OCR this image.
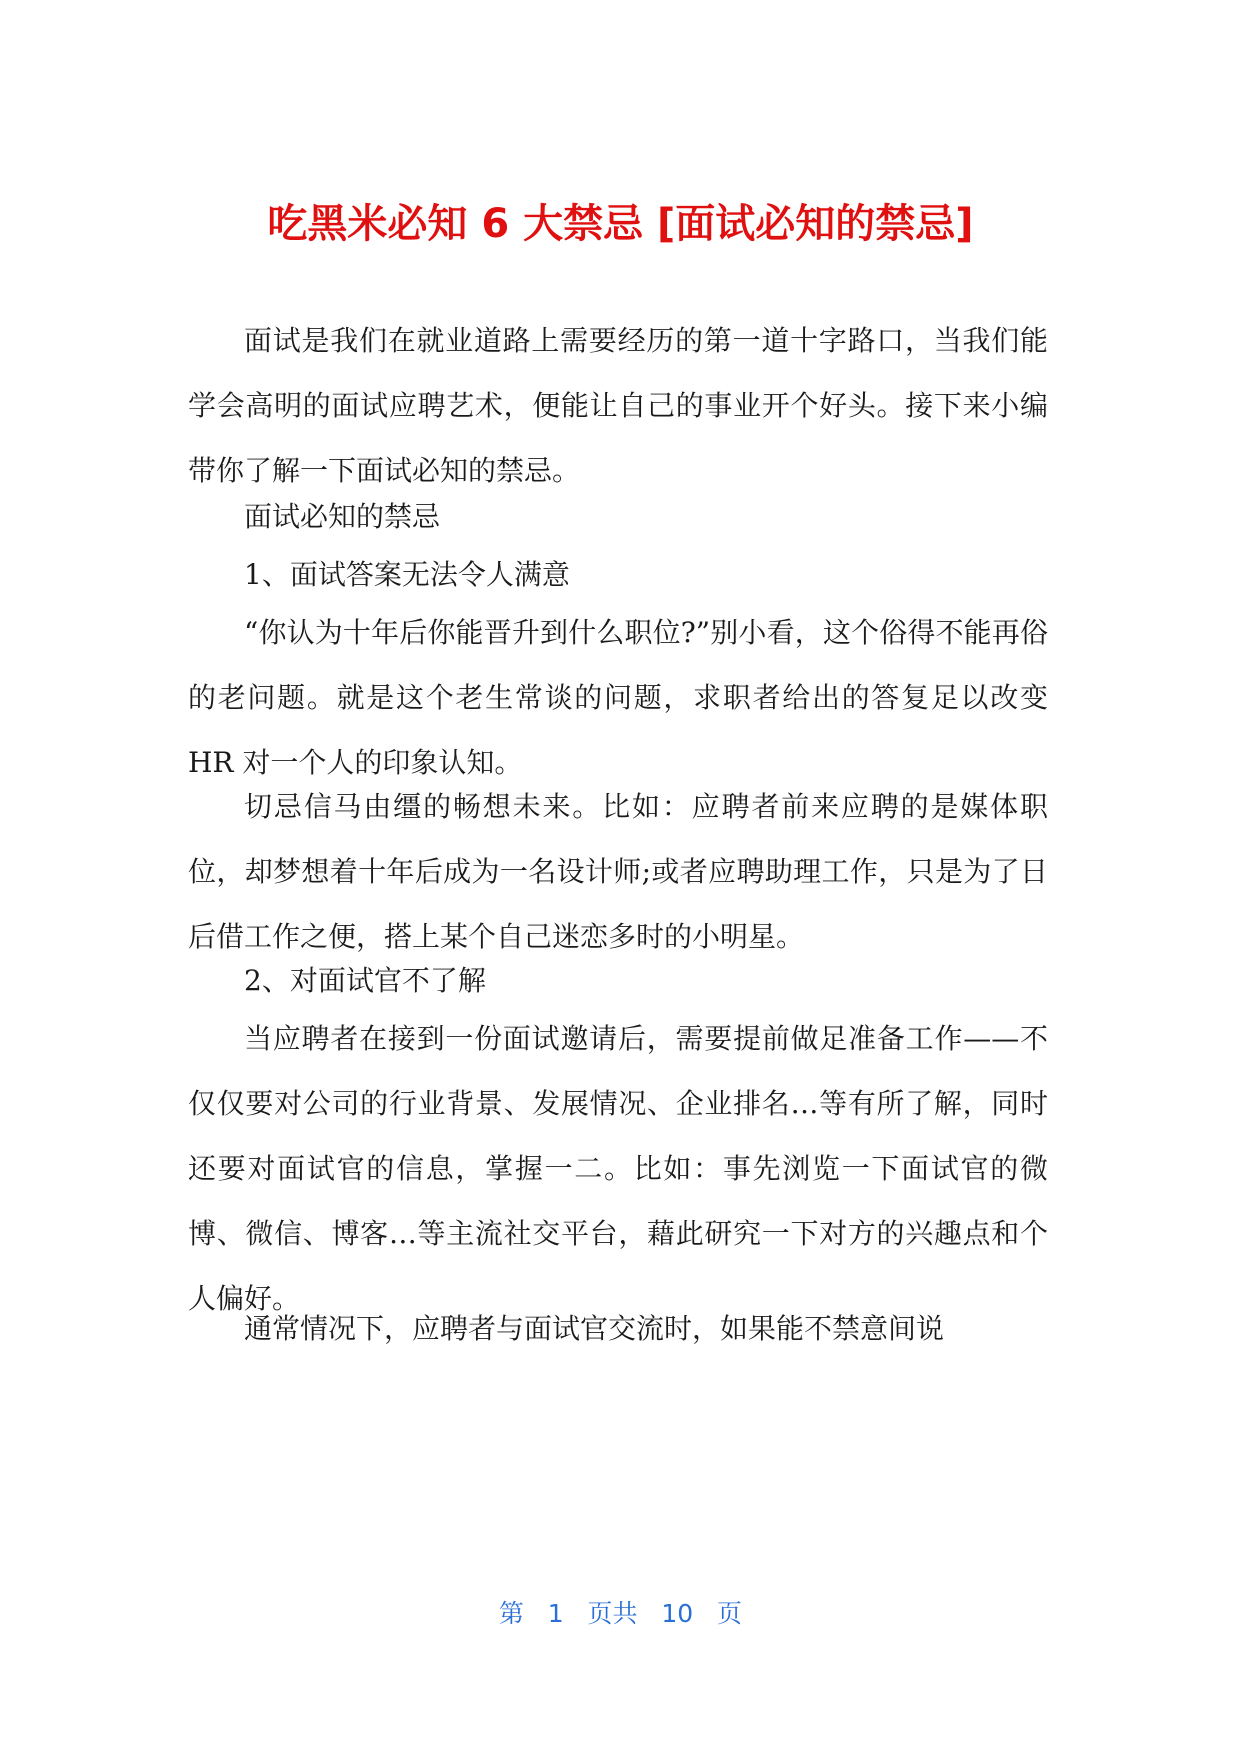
吃黑米必知 6 大禁忌 [面试必知的禁忌]

面试是我们在就业道路上需要经历的第一道十字路口，当我们能学会高明的面试应聘艺术，便能让自己的事业开个好头。接下来小编带你了解一下面试必知的禁忌。

面试必知的禁忌

1、面试答案无法令人满意

“你认为十年后你能晋升到什么职位?”别小看，这个俗得不能再俗的老问题。就是这个老生常谈的问题，求职者给出的答复足以改变 HR 对一个人的印象认知。

切忌信马由缰的畅想未来。比如：应聘者前来应聘的是媒体职位，却梦想着十年后成为一名设计师;或者应聘助理工作，只是为了日后借工作之便，搭上某个自己迷恋多时的小明星。

2、对面试官不了解

当应聘者在接到一份面试邀请后，需要提前做足准备工作——不仅仅要对公司的行业背景、发展情况、企业排名…等有所了解，同时还要对面试官的信息，掌握一二。比如：事先浏览一下面试官的微博、微信、博客…等主流社交平台，藉此研究一下对方的兴趣点和个人偏好。

通常情况下，应聘者与面试官交流时，如果能不禁意间说

第 1 页共 10 页
